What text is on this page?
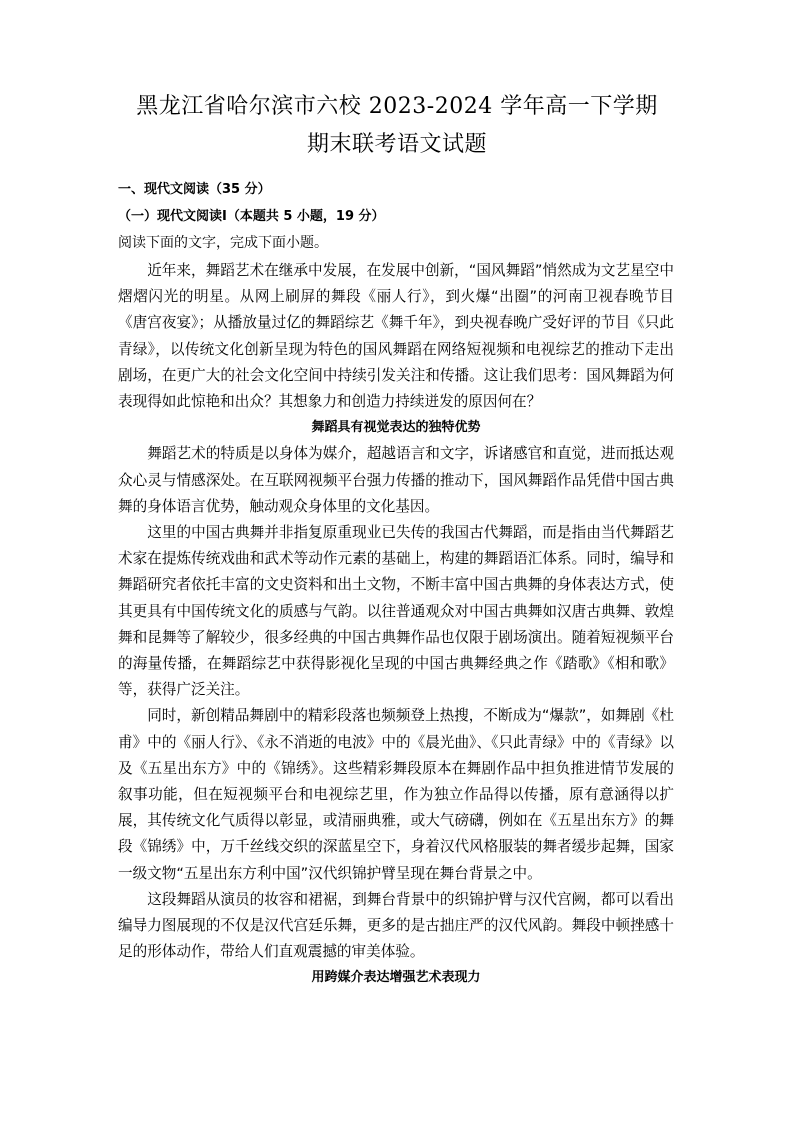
黑龙江省哈尔滨市六校 2023-2024 学年高一下学期
期末联考语文试题
一、现代文阅读（35 分）
（一）现代文阅读Ⅰ（本题共 5 小题，19 分）
阅读下面的文字，完成下面小题。

近年来，舞蹈艺术在继承中发展，在发展中创新，“国风舞蹈”悄然成为文艺星空中熠熠闪光的明星。从网上刷屏的舞段《丽人行》，到火爆“出圈”的河南卫视春晚节目《唐宫夜宴》；从播放量过亿的舞蹈综艺《舞千年》，到央视春晚广受好评的节目《只此青绿》，以传统文化创新呈现为特色的国风舞蹈在网络短视频和电视综艺的推动下走出剧场，在更广大的社会文化空间中持续引发关注和传播。这让我们思考：国风舞蹈为何表现得如此惊艳和出众？其想象力和创造力持续迸发的原因何在？

舞蹈具有视觉表达的独特优势

舞蹈艺术的特质是以身体为媒介，超越语言和文字，诉诸感官和直觉，进而抵达观众心灵与情感深处。在互联网视频平台强力传播的推动下，国风舞蹈作品凭借中国古典舞的身体语言优势，触动观众身体里的文化基因。

这里的中国古典舞并非指复原重现业已失传的我国古代舞蹈，而是指由当代舞蹈艺术家在提炼传统戏曲和武术等动作元素的基础上，构建的舞蹈语汇体系。同时，编导和舞蹈研究者依托丰富的文史资料和出土文物，不断丰富中国古典舞的身体表达方式，使其更具有中国传统文化的质感与气韵。以往普通观众对中国古典舞如汉唐古典舞、敦煌舞和昆舞等了解较少，很多经典的中国古典舞作品也仅限于剧场演出。随着短视频平台的海量传播，在舞蹈综艺中获得影视化呈现的中国古典舞经典之作《踏歌》《相和歌》等，获得广泛关注。

同时，新创精品舞剧中的精彩段落也频频登上热搜，不断成为“爆款”，如舞剧《杜甫》中的《丽人行》、《永不消逝的电波》中的《晨光曲》、《只此青绿》中的《青绿》以及《五星出东方》中的《锦绣》。这些精彩舞段原本在舞剧作品中担负推进情节发展的叙事功能，但在短视频平台和电视综艺里，作为独立作品得以传播，原有意涵得以扩展，其传统文化气质得以彰显，或清丽典雅，或大气磅礴，例如在《五星出东方》的舞段《锦绣》中，万千丝线交织的深蓝星空下，身着汉代风格服装的舞者缓步起舞，国家一级文物“五星出东方利中国”汉代织锦护臂呈现在舞台背景之中。

这段舞蹈从演员的妆容和裙裾，到舞台背景中的织锦护臂与汉代宫阙，都可以看出编导力图展现的不仅是汉代宫廷乐舞，更多的是古拙庄严的汉代风韵。舞段中顿挫感十足的形体动作，带给人们直观震撼的审美体验。

用跨媒介表达增强艺术表现力
